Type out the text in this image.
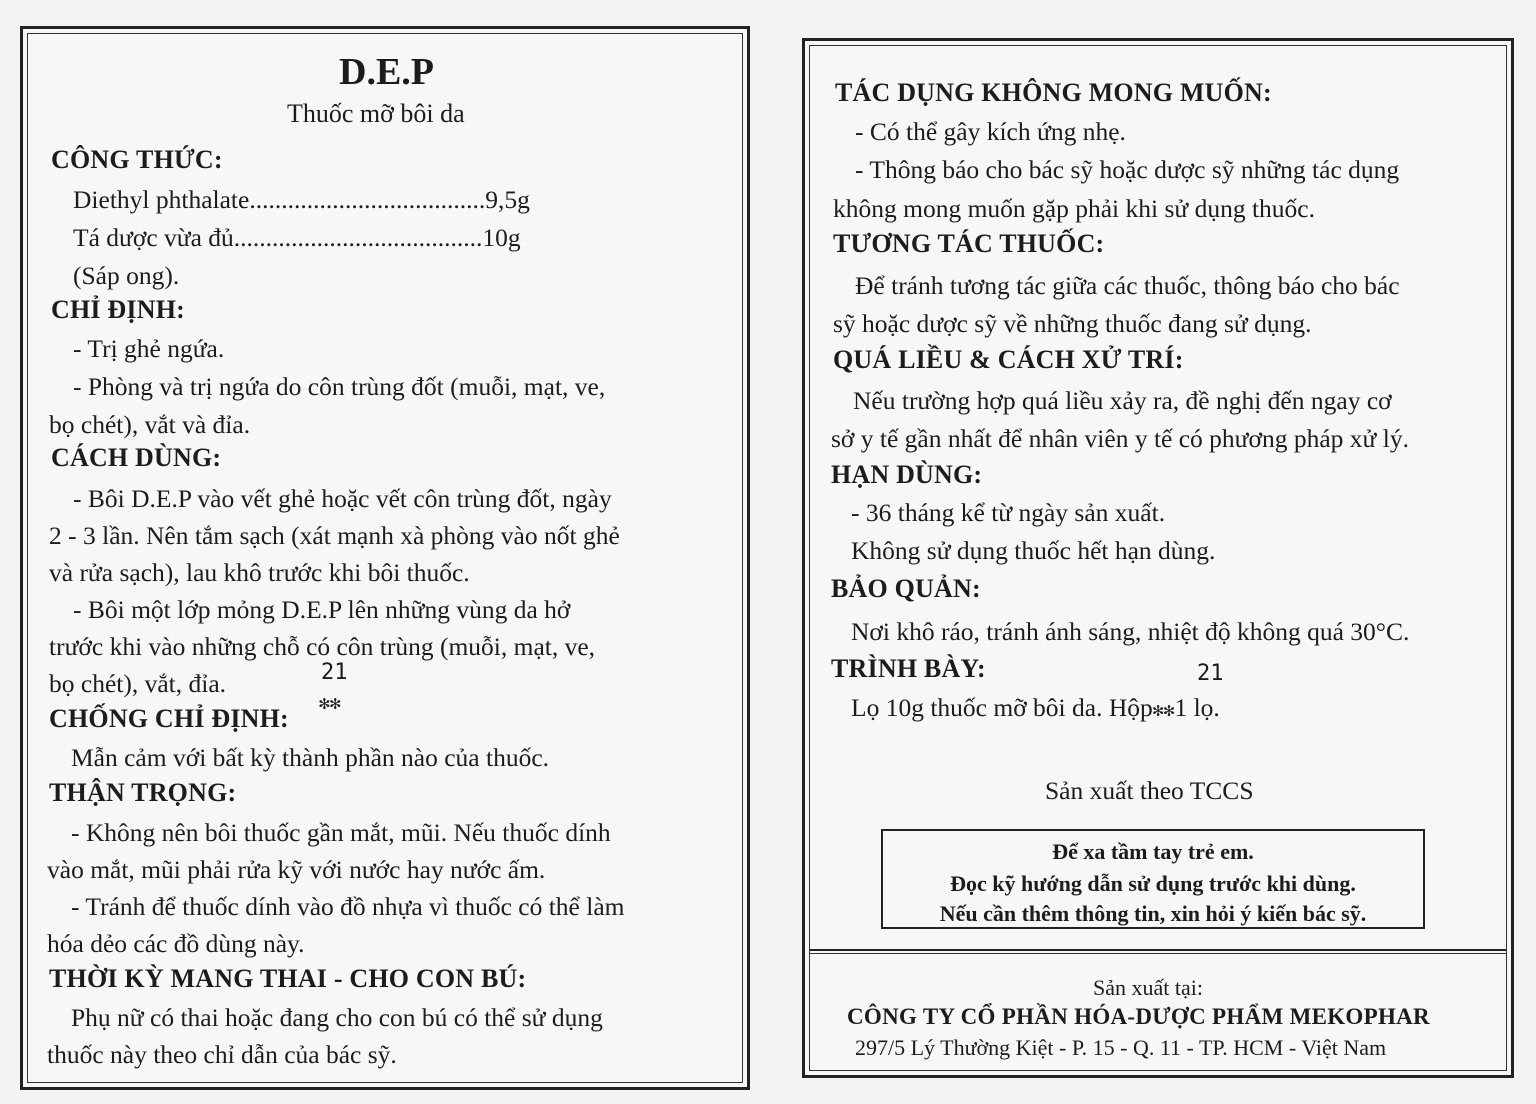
D.E.P
Thuốc mỡ bôi da
CÔNG THỨC:
Diethyl phthalate.....................................9,5g
Tá dược vừa đủ.......................................10g
(Sáp ong).
CHỈ ĐỊNH:
- Trị ghẻ ngứa.
- Phòng và trị ngứa do côn trùng đốt (muỗi, mạt, ve,
bọ chét), vắt và đỉa.
CÁCH DÙNG:
- Bôi D.E.P vào vết ghẻ hoặc vết côn trùng đốt, ngày
2 - 3 lần. Nên tắm sạch (xát mạnh xà phòng vào nốt ghẻ
và rửa sạch), lau khô trước khi bôi thuốc.
- Bôi một lớp mỏng D.E.P lên những vùng da hở
trước khi vào những chỗ có côn trùng (muỗi, mạt, ve,
bọ chét), vắt, đỉa.	21
✻✻
CHỐNG CHỈ ĐỊNH:
Mẫn cảm với bất kỳ thành phần nào của thuốc.
THẬN TRỌNG:
- Không nên bôi thuốc gần mắt, mũi. Nếu thuốc dính
vào mắt, mũi phải rửa kỹ với nước hay nước ấm.
- Tránh để thuốc dính vào đồ nhựa vì thuốc có thể làm
hóa dẻo các đồ dùng này.
THỜI KỲ MANG THAI - CHO CON BÚ:
Phụ nữ có thai hoặc đang cho con bú có thể sử dụng
thuốc này theo chỉ dẫn của bác sỹ.
TÁC DỤNG KHÔNG MONG MUỐN:
- Có thể gây kích ứng nhẹ.
- Thông báo cho bác sỹ hoặc dược sỹ những tác dụng
không mong muốn gặp phải khi sử dụng thuốc.
TƯƠNG TÁC THUỐC:
Để tránh tương tác giữa các thuốc, thông báo cho bác
sỹ hoặc dược sỹ về những thuốc đang sử dụng.
QUÁ LIỀU & CÁCH XỬ TRÍ:
Nếu trường hợp quá liều xảy ra, đề nghị đến ngay cơ
sở y tế gần nhất để nhân viên y tế có phương pháp xử lý.
HẠN DÙNG:
- 36 tháng kể từ ngày sản xuất.
Không sử dụng thuốc hết hạn dùng.
BẢO QUẢN:
Nơi khô ráo, tránh ánh sáng, nhiệt độ không quá 30°C.
TRÌNH BÀY:	21
Lọ 10g thuốc mỡ bôi da. Hộp✻✻1 lọ.
Sản xuất theo TCCS
Để xa tầm tay trẻ em.
Đọc kỹ hướng dẫn sử dụng trước khi dùng.
Nếu cần thêm thông tin, xin hỏi ý kiến bác sỹ.
Sản xuất tại:
CÔNG TY CỔ PHẦN HÓA-DƯỢC PHẨM MEKOPHAR
297/5 Lý Thường Kiệt - P. 15 - Q. 11 - TP. HCM - Việt Nam
